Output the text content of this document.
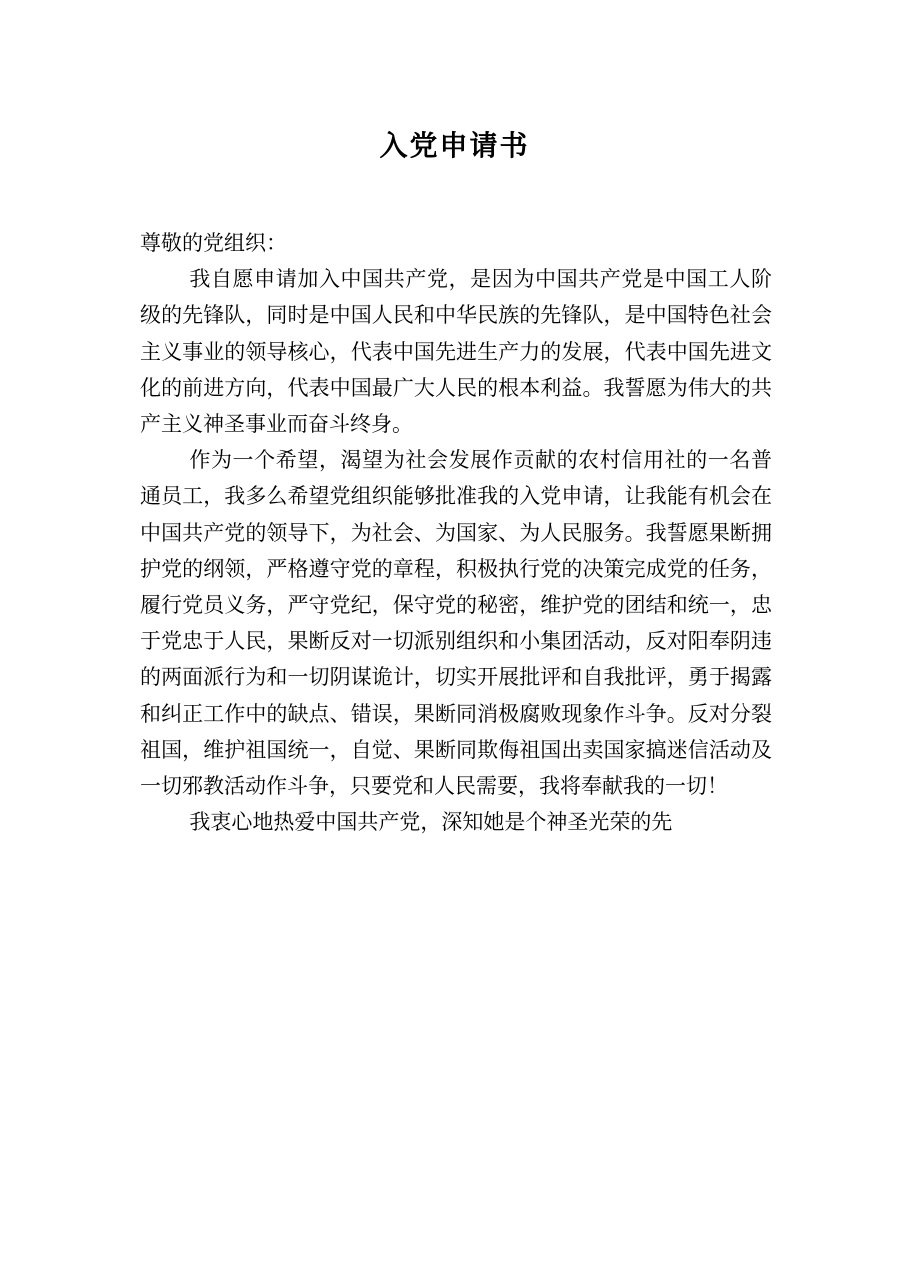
入党申请书

尊敬的党组织：

我自愿申请加入中国共产党，是因为中国共产党是中国工人阶级的先锋队，同时是中国人民和中华民族的先锋队，是中国特色社会主义事业的领导核心，代表中国先进生产力的发展，代表中国先进文化的前进方向，代表中国最广大人民的根本利益。我誓愿为伟大的共产主义神圣事业而奋斗终身。

作为一个希望，渴望为社会发展作贡献的农村信用社的一名普通员工，我多么希望党组织能够批准我的入党申请，让我能有机会在中国共产党的领导下，为社会、为国家、为人民服务。我誓愿果断拥护党的纲领，严格遵守党的章程，积极执行党的决策完成党的任务，履行党员义务，严守党纪，保守党的秘密，维护党的团结和统一，忠于党忠于人民，果断反对一切派别组织和小集团活动，反对阳奉阴违的两面派行为和一切阴谋诡计，切实开展批评和自我批评，勇于揭露和纠正工作中的缺点、错误，果断同消极腐败现象作斗争。反对分裂祖国，维护祖国统一，自觉、果断同欺侮祖国出卖国家搞迷信活动及一切邪教活动作斗争，只要党和人民需要，我将奉献我的一切！

我衷心地热爱中国共产党，深知她是个神圣光荣的先
